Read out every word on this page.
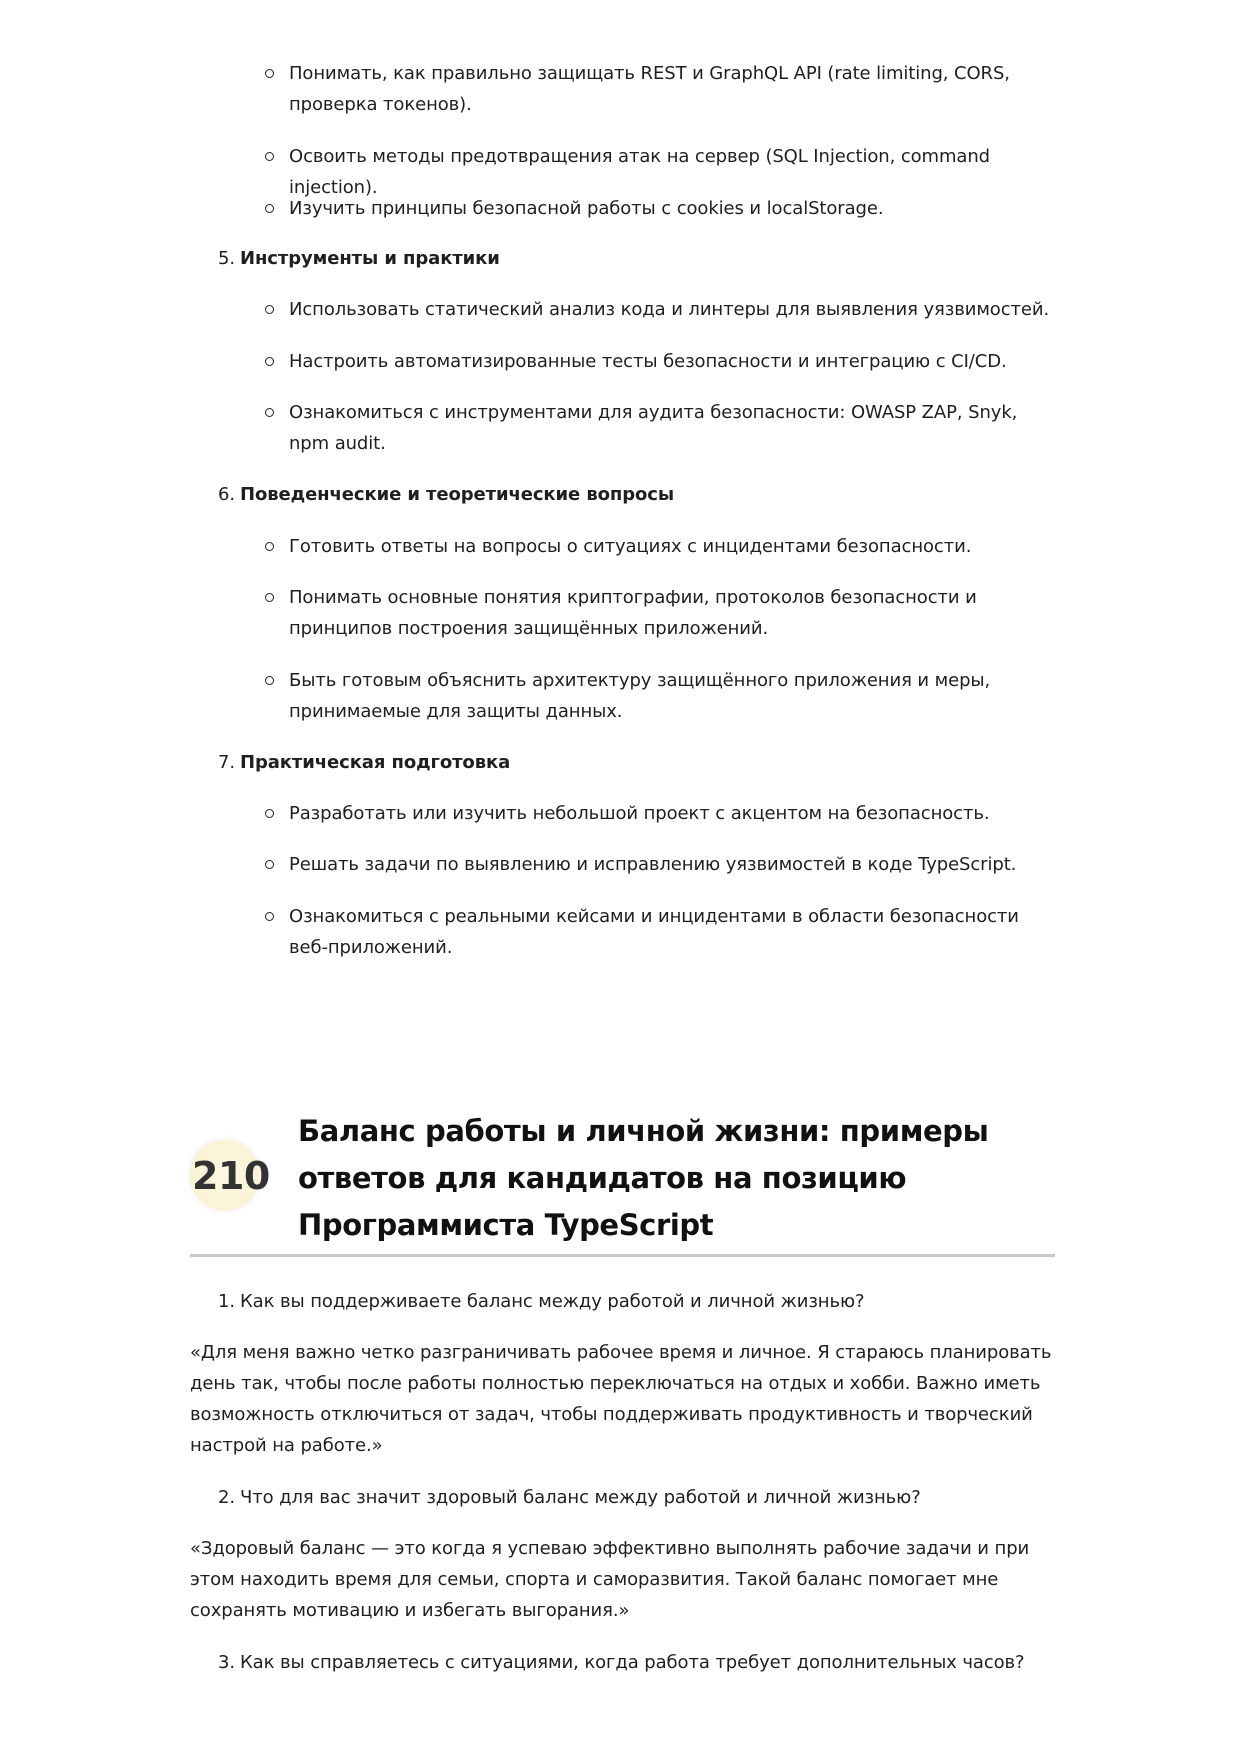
Понимать, как правильно защищать REST и GraphQL API (rate limiting, CORS, проверка токенов).
Освоить методы предотвращения атак на сервер (SQL Injection, command injection).
Изучить принципы безопасной работы с cookies и localStorage.
5. Инструменты и практики
Использовать статический анализ кода и линтеры для выявления уязвимостей.
Настроить автоматизированные тесты безопасности и интеграцию с CI/CD.
Ознакомиться с инструментами для аудита безопасности: OWASP ZAP, Snyk, npm audit.
6. Поведенческие и теоретические вопросы
Готовить ответы на вопросы о ситуациях с инцидентами безопасности.
Понимать основные понятия криптографии, протоколов безопасности и принципов построения защищённых приложений.
Быть готовым объяснить архитектуру защищённого приложения и меры, принимаемые для защиты данных.
7. Практическая подготовка
Разработать или изучить небольшой проект с акцентом на безопасность.
Решать задачи по выявлению и исправлению уязвимостей в коде TypeScript.
Ознакомиться с реальными кейсами и инцидентами в области безопасности веб-приложений.
210
Баланс работы и личной жизни: примеры ответов для кандидатов на позицию Программиста TypeScript
1. Как вы поддерживаете баланс между работой и личной жизнью?
«Для меня важно четко разграничивать рабочее время и личное. Я стараюсь планировать день так, чтобы после работы полностью переключаться на отдых и хобби. Важно иметь возможность отключиться от задач, чтобы поддерживать продуктивность и творческий настрой на работе.»
2. Что для вас значит здоровый баланс между работой и личной жизнью?
«Здоровый баланс — это когда я успеваю эффективно выполнять рабочие задачи и при этом находить время для семьи, спорта и саморазвития. Такой баланс помогает мне сохранять мотивацию и избегать выгорания.»
3. Как вы справляетесь с ситуациями, когда работа требует дополнительных часов?
